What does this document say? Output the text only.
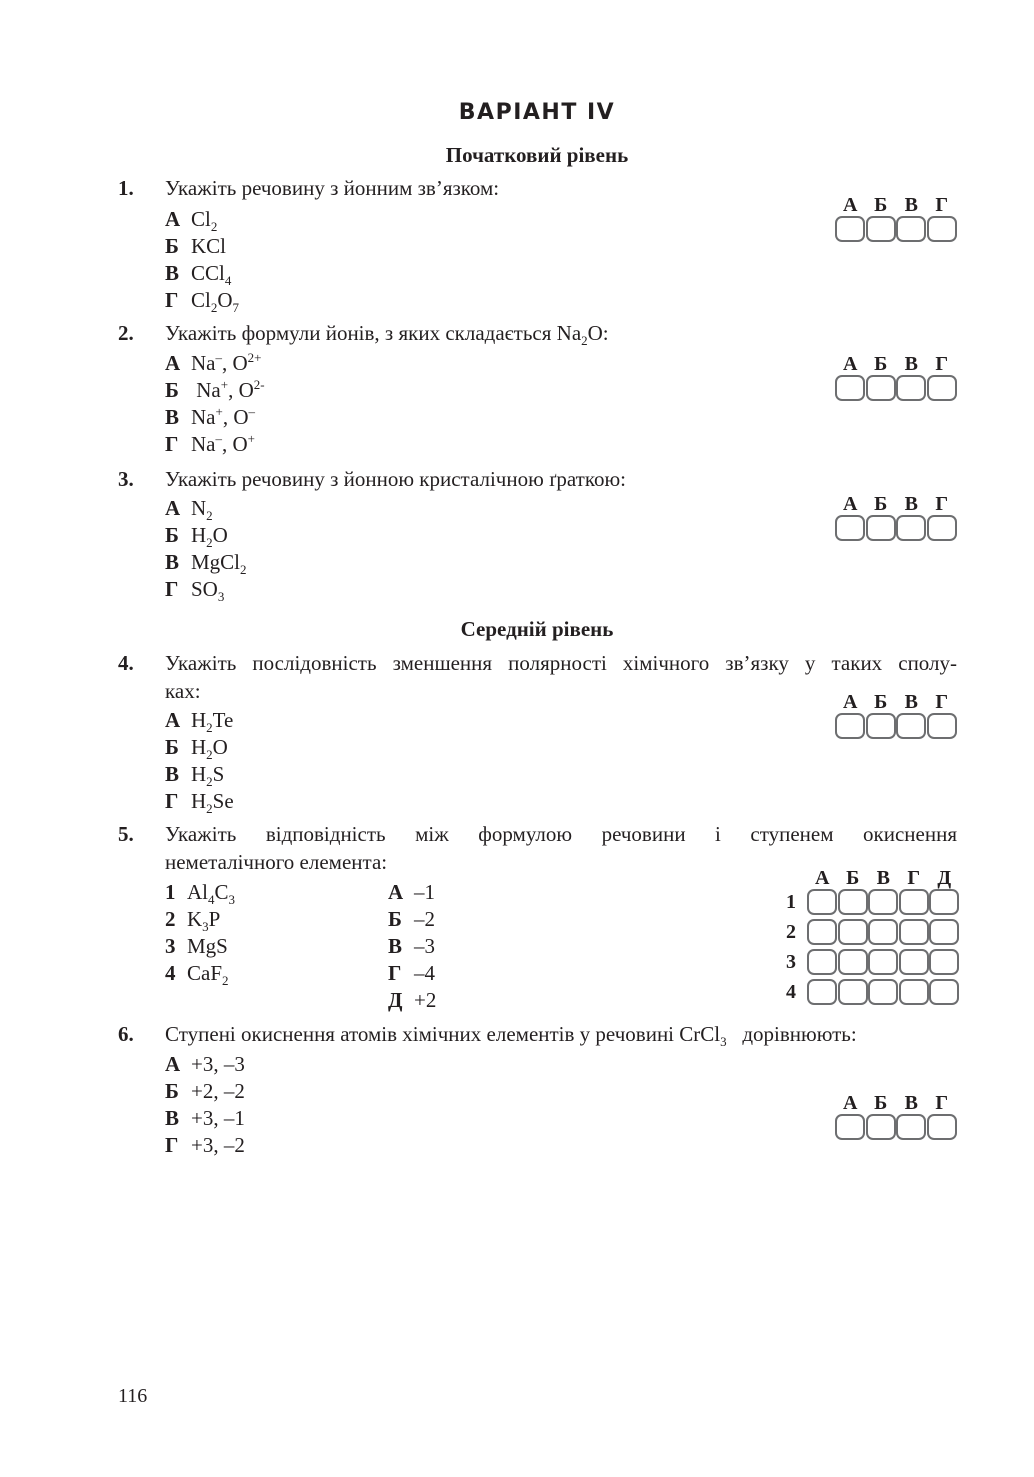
ВАРІАНТ IV
Початковий рівень
1. Укажіть речовину з йонним зв’язком:
А $Cl_2$
Б KCl
В CCl$_4$
Г $Cl_2O_7$
А Б В Г
2. Укажіть формули йонів, з яких складається $Na_2O$:
А Na–, $O^{2+}$
Б Na+, $O^{2-}$
В Na+, O–
Г Na–, O+
А Б В Г
3. Укажіть речовину з йонною кристалічною ґраткою:
А $N_2$
Б $H_2O$
В MgCl$_2$
Г $SO_3$
А Б В Г
Середній рівень
4. Укажіть послідовність зменшення полярності хімічного зв’язку у таких сполу-
ках:
А $H_2Te$
Б $H_2O$
В $H_2S$
Г $H_2Se$
А Б В Г
5. Укажіть відповідність між формулою речовини і ступенем окиснення
неметалічного елемента:
1 $Al_4C_3$
2 $K_3P$
3 MgS
4 CaF$_2$
А –1
Б –2
В –3
Г –4
Д +2
А Б В Г Д
1
2
3
4
6. Ступені окиснення атомів хімічних елементів у речовині CrCl$_3$   дорівнюють:
А +3, –3
Б +2, –2
В +3, –1
Г +3, –2
А Б В Г
116
